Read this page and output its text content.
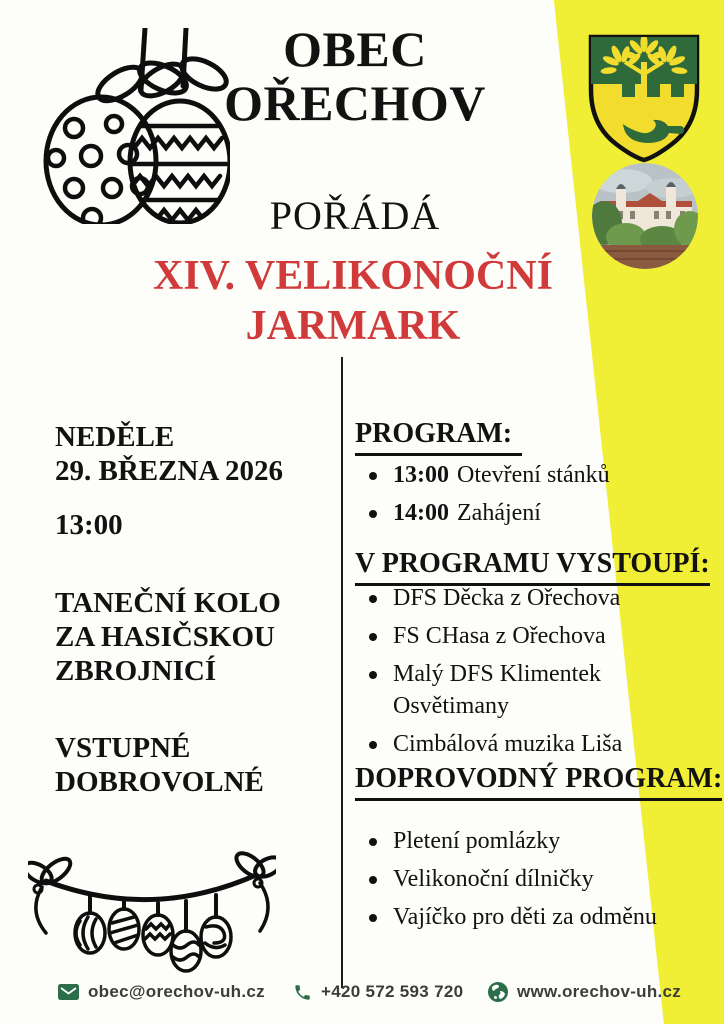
OBEC
OŘECHOV
POŘÁDÁ
XIV. VELIKONOČNÍ
JARMARK
NEDĚLE
29. BŘEZNA 2026
13:00
TANEČNÍ KOLO
ZA HASIČSKOU
ZBROJNICÍ
VSTUPNÉ
DOBROVOLNÉ
PROGRAM:
13:00 Otevření stánků
14:00 Zahájení
V PROGRAMU VYSTOUPÍ:
DFS Děcka z Ořechova
FS CHasa z Ořechova
Malý DFS Klimentek Osvětimany
Cimbálová muzika Liša
DOPROVODNÝ PROGRAM:
Pletení pomlázky
Velikonoční dílničky
Vajíčko pro děti za odměnu
obec@orechov-uh.cz	+420 572 593 720	www.orechov-uh.cz
